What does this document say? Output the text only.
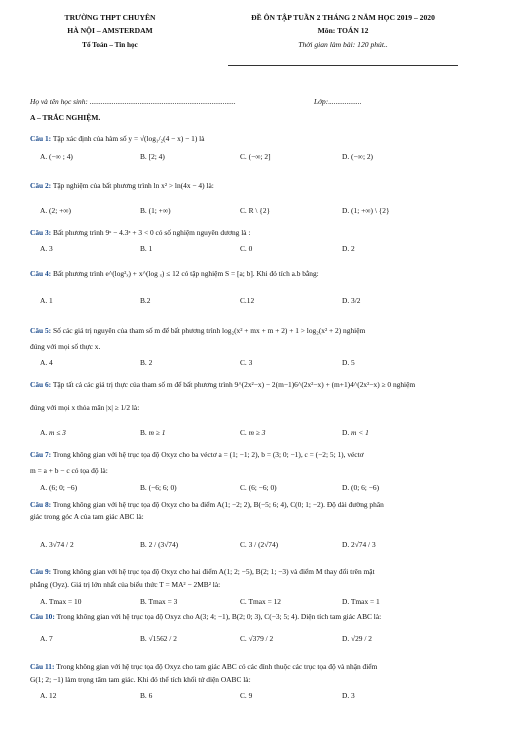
TRƯỜNG THPT CHUYÊN
HÀ NỘI – AMSTERDAM
Tổ Toán – Tin học
ĐỀ ÔN TẬP TUẦN 2 THÁNG 2 NĂM HỌC 2019 – 2020
Môn: TOÁN 12
Thời gian làm bài: 120 phút..
Họ và tên học sinh: ...............................................................................	Lớp:..................
A – TRẮC NGHIỆM.
Câu 1: Tập xác định của hàm số y = √(log₁/₂(4 − x) − 1) là
A. (−∞ ; 4)	B. [2; 4)	C. (−∞; 2]	D. (−∞; 2)
Câu 2: Tập nghiệm của bất phương trình ln x² > ln(4x − 4) là:
A. (2; +∞)	B. (1; +∞)	C. R \ {2}	D. (1; +∞) \ {2}
Câu 3: Bất phương trình 9ˣ − 4.3ˣ + 3 < 0 có số nghiệm nguyên dương là :
A. 3	B. 1	C. 0	D. 2
Câu 4: Bất phương trình e^(log²ₓ) + x^(log ₓ) ≤ 12 có tập nghiệm S = [a; b]. Khi đó tích a.b bằng:
A. 1	B.2	C.12	D. 3/2
Câu 5: Số các giá trị nguyên của tham số m để bất phương trình log₂(x² + mx + m + 2) + 1 > log₂(x² + 2) nghiệm
đúng với mọi số thực x.
A. 4	B. 2	C. 3	D. 5
Câu 6: Tập tất cả các giá trị thực của tham số m để bất phương trình 9^(2x²−x) − 2(m−1)6^(2x²−x) + (m+1)4^(2x²−x) ≥ 0 nghiệm
đúng với mọi x thỏa mãn |x| ≥ 1/2 là:
A. m ≤ 3	B. m ≥ 1	C. m ≥ 3	D. m < 1
Câu 7: Trong không gian với hệ trục tọa độ Oxyz cho ba véctơ a = (1; −1; 2), b = (3; 0; −1), c = (−2; 5; 1), véctơ
m = a + b − c có tọa độ là:
A. (6; 0; −6)	B. (−6; 6; 0)	C. (6; −6; 0)	D. (0; 6; −6)
Câu 8: Trong không gian với hệ trục tọa độ Oxyz cho ba điểm A(1; −2; 2), B(−5; 6; 4), C(0; 1; −2). Độ dài đường phân
giác trong góc A của tam giác ABC là:
A. 3√74 / 2	B. 2 / (3√74)	C. 3 / (2√74)	D. 2√74 / 3
Câu 9: Trong không gian với hệ trục tọa độ Oxyz cho hai điểm A(1; 2; −5), B(2; 1; −3) và điểm M thay đổi trên mặt
phẳng (Oyz). Giá trị lớn nhất của biểu thức T = MA² − 2MB² là:
A. Tmax = 10	B. Tmax = 3	C. Tmax = 12	D. Tmax = 1
Câu 10: Trong không gian với hệ trục tọa độ Oxyz cho A(3; 4; −1), B(2; 0; 3), C(−3; 5; 4). Diện tích tam giác ABC là:
A. 7	B. √1562 / 2	C. √379 / 2	D. √29 / 2
Câu 11: Trong không gian với hệ trục tọa độ Oxyz cho tam giác ABC có các đỉnh thuộc các trục tọa độ và nhận điểm
G(1; 2; −1) làm trọng tâm tam giác. Khi đó thể tích khối tứ diện OABC là:
A. 12	B. 6	C. 9	D. 3
